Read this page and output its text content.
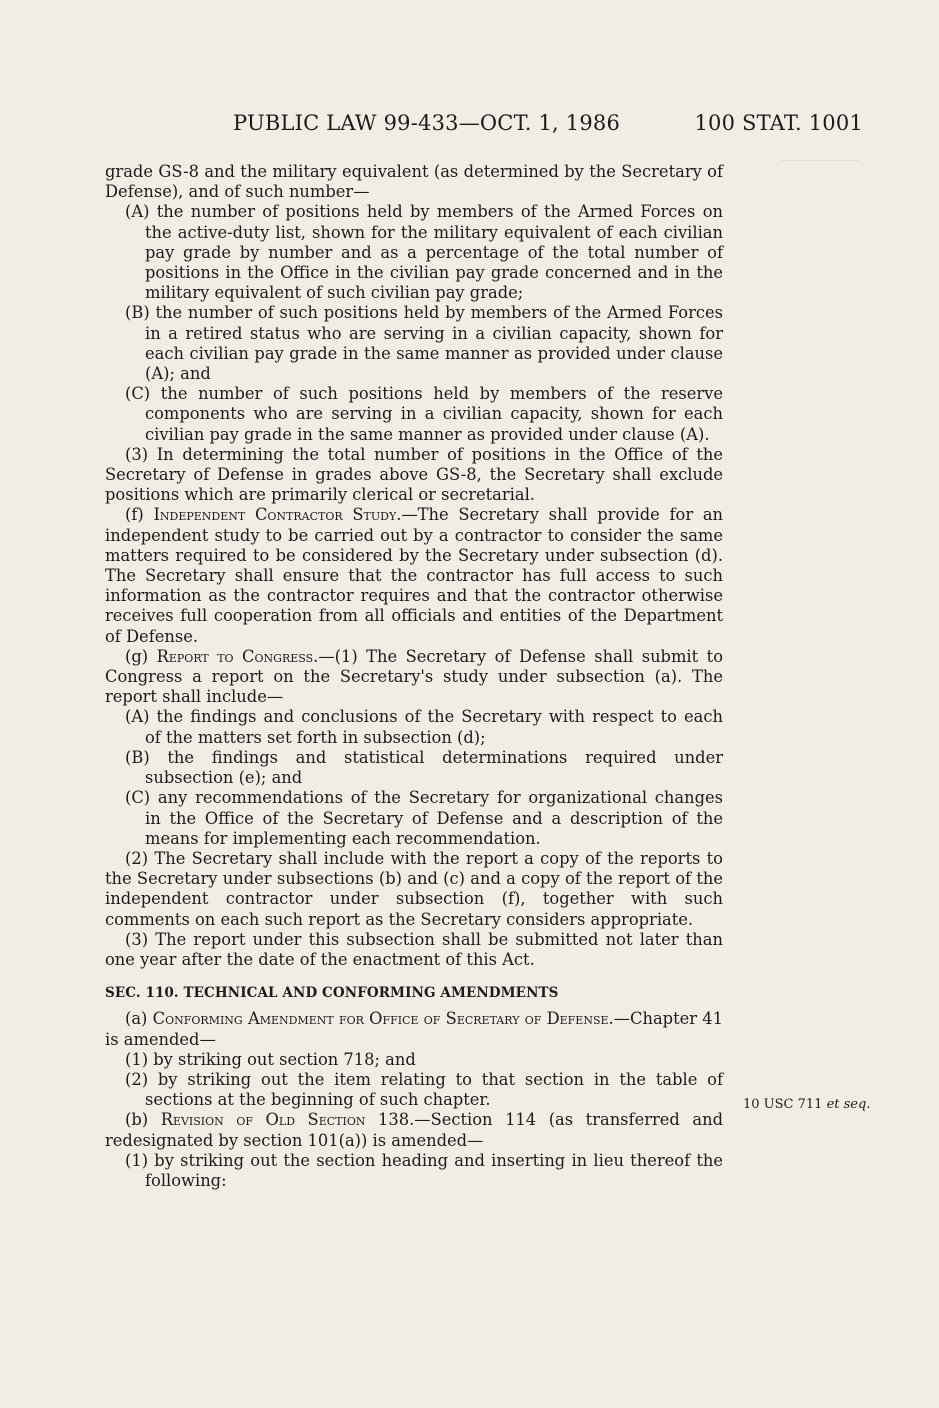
PUBLIC LAW 99-433—OCT. 1, 1986	100 STAT. 1001

grade GS-8 and the military equivalent (as determined by the Secretary of Defense), and of such number—

(A) the number of positions held by members of the Armed Forces on the active-duty list, shown for the military equivalent of each civilian pay grade by number and as a percentage of the total number of positions in the Office in the civilian pay grade concerned and in the military equivalent of such civilian pay grade;

(B) the number of such positions held by members of the Armed Forces in a retired status who are serving in a civilian capacity, shown for each civilian pay grade in the same manner as provided under clause (A); and

(C) the number of such positions held by members of the reserve components who are serving in a civilian capacity, shown for each civilian pay grade in the same manner as provided under clause (A).

(3) In determining the total number of positions in the Office of the Secretary of Defense in grades above GS-8, the Secretary shall exclude positions which are primarily clerical or secretarial.

(f) Independent Contractor Study.—The Secretary shall provide for an independent study to be carried out by a contractor to consider the same matters required to be considered by the Secretary under subsection (d). The Secretary shall ensure that the contractor has full access to such information as the contractor requires and that the contractor otherwise receives full cooperation from all officials and entities of the Department of Defense.

(g) Report to Congress.—(1) The Secretary of Defense shall submit to Congress a report on the Secretary's study under subsection (a). The report shall include—

(A) the findings and conclusions of the Secretary with respect to each of the matters set forth in subsection (d);

(B) the findings and statistical determinations required under subsection (e); and

(C) any recommendations of the Secretary for organizational changes in the Office of the Secretary of Defense and a description of the means for implementing each recommendation.

(2) The Secretary shall include with the report a copy of the reports to the Secretary under subsections (b) and (c) and a copy of the report of the independent contractor under subsection (f), together with such comments on each such report as the Secretary considers appropriate.

(3) The report under this subsection shall be submitted not later than one year after the date of the enactment of this Act.

SEC. 110. TECHNICAL AND CONFORMING AMENDMENTS

(a) Conforming Amendment for Office of Secretary of Defense.—Chapter 41 is amended—

(1) by striking out section 718; and

(2) by striking out the item relating to that section in the table of sections at the beginning of such chapter.

(b) Revision of Old Section 138.—Section 114 (as transferred and redesignated by section 101(a)) is amended—

(1) by striking out the section heading and inserting in lieu thereof the following:

10 USC 711 et seq.
